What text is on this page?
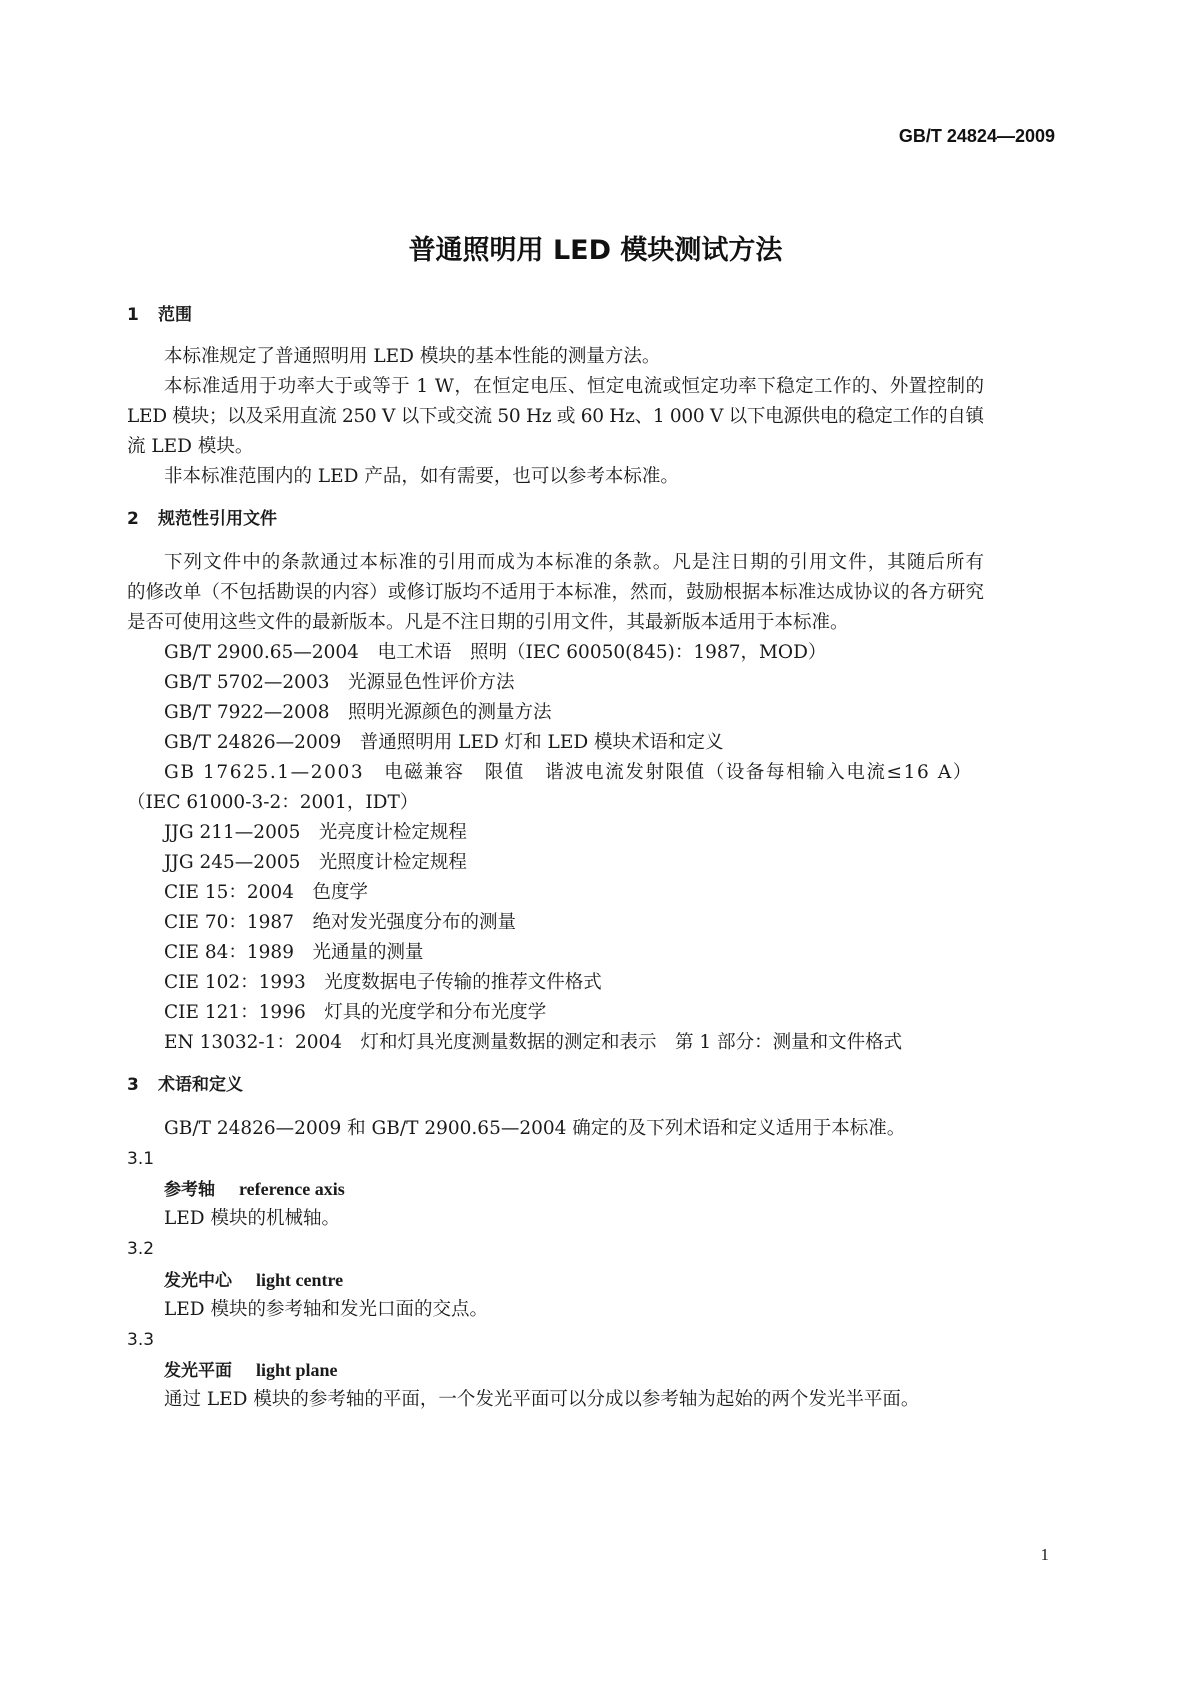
GB/T 24824—2009
普通照明用 LED 模块测试方法
1 范围
本标准规定了普通照明用 LED 模块的基本性能的测量方法。
本标准适用于功率大于或等于 1 W，在恒定电压、恒定电流或恒定功率下稳定工作的、外置控制的
LED 模块；以及采用直流 250 V 以下或交流 50 Hz 或 60 Hz、1 000 V 以下电源供电的稳定工作的自镇
流 LED 模块。
非本标准范围内的 LED 产品，如有需要，也可以参考本标准。
2 规范性引用文件
下列文件中的条款通过本标准的引用而成为本标准的条款。凡是注日期的引用文件，其随后所有
的修改单（不包括勘误的内容）或修订版均不适用于本标准，然而，鼓励根据本标准达成协议的各方研究
是否可使用这些文件的最新版本。凡是不注日期的引用文件，其最新版本适用于本标准。
GB/T 2900.65—2004　 电工术语　照明（IEC 60050(845)：1987，MOD）
GB/T 5702—2003　 光源显色性评价方法
GB/T 7922—2008　 照明光源颜色的测量方法
GB/T 24826—2009　 普通照明用 LED 灯和 LED 模块术语和定义
GB 17625.1—2003　 电磁兼容　限值　谐波电流发射限值（设备每相输入电流≤16 A）
（IEC 61000-3-2：2001，IDT）
JJG 211—2005　 光亮度计检定规程
JJG 245—2005　 光照度计检定规程
CIE 15：2004　 色度学
CIE 70：1987　 绝对发光强度分布的测量
CIE 84：1989　 光通量的测量
CIE 102：1993　 光度数据电子传输的推荐文件格式
CIE 121：1996　 灯具的光度学和分布光度学
EN 13032-1：2004　 灯和灯具光度测量数据的测定和表示　第 1 部分：测量和文件格式
3 术语和定义
GB/T 24826—2009 和 GB/T 2900.65—2004 确定的及下列术语和定义适用于本标准。
3.1
参考轴 reference axis
LED 模块的机械轴。
3.2
发光中心 light centre
LED 模块的参考轴和发光口面的交点。
3.3
发光平面 light plane
通过 LED 模块的参考轴的平面，一个发光平面可以分成以参考轴为起始的两个发光半平面。
1
